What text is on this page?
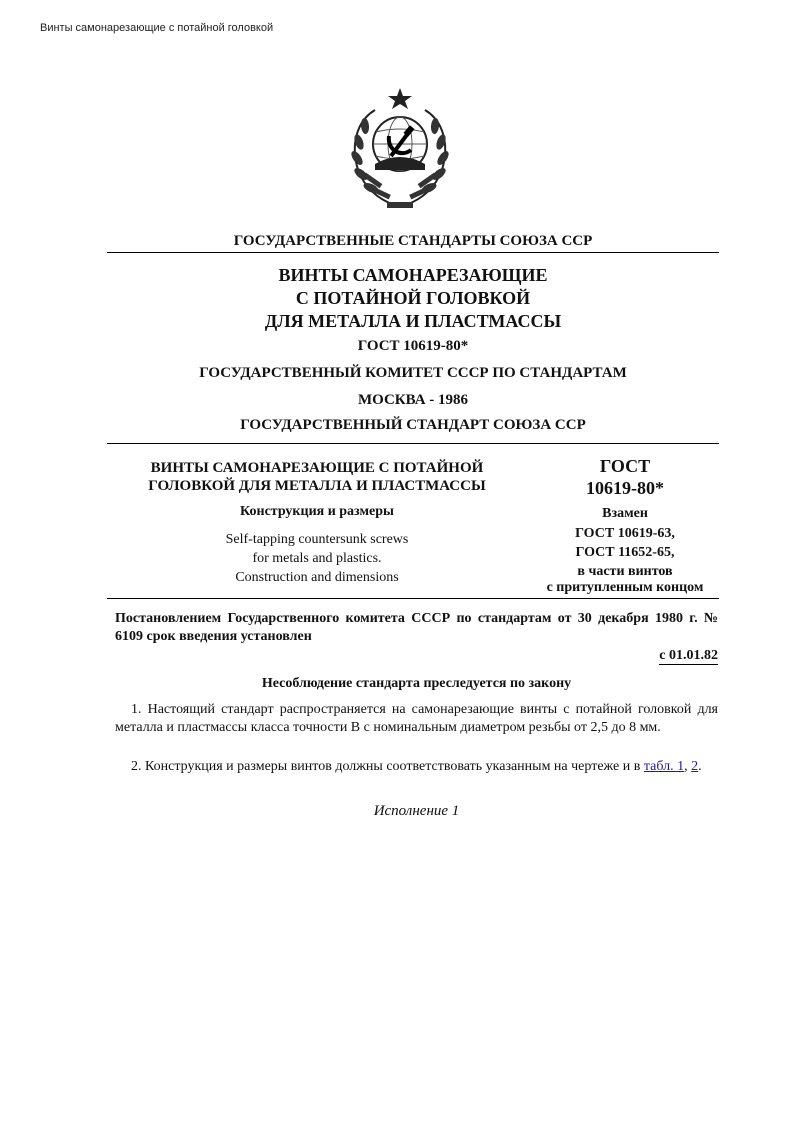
Винты самонарезающие с потайной головкой
ГОСУДАРСТВЕННЫЕ СТАНДАРТЫ СОЮЗА ССР
ВИНТЫ САМОНАРЕЗАЮЩИЕ
С ПОТАЙНОЙ ГОЛОВКОЙ
ДЛЯ МЕТАЛЛА И ПЛАСТМАССЫ
ГОСТ 10619-80*
ГОСУДАРСТВЕННЫЙ КОМИТЕТ СССР ПО СТАНДАРТАМ
МОСКВА - 1986
ГОСУДАРСТВЕННЫЙ СТАНДАРТ СОЮЗА ССР
ВИНТЫ САМОНАРЕЗАЮЩИЕ С ПОТАЙНОЙ
ГОЛОВКОЙ ДЛЯ МЕТАЛЛА И ПЛАСТМАССЫ
Конструкция и размеры
Self-tapping countersunk screws
for metals and plastics.
Construction and dimensions
ГОСТ
10619-80*
Взамен
ГОСТ 10619-63,
ГОСТ 11652-65,
в части винтов
с притупленным концом
Постановлением Государственного комитета СССР по стандартам от 30 декабря 1980 г. № 6109 срок введения установлен
с 01.01.82
Несоблюдение стандарта преследуется по закону
1. Настоящий стандарт распространяется на самонарезающие винты с потайной головкой для металла и пластмассы класса точности В с номинальным диаметром резьбы от 2,5 до 8 мм.
2. Конструкция и размеры винтов должны соответствовать указанным на чертеже и в табл. 1, 2.
Исполнение 1
